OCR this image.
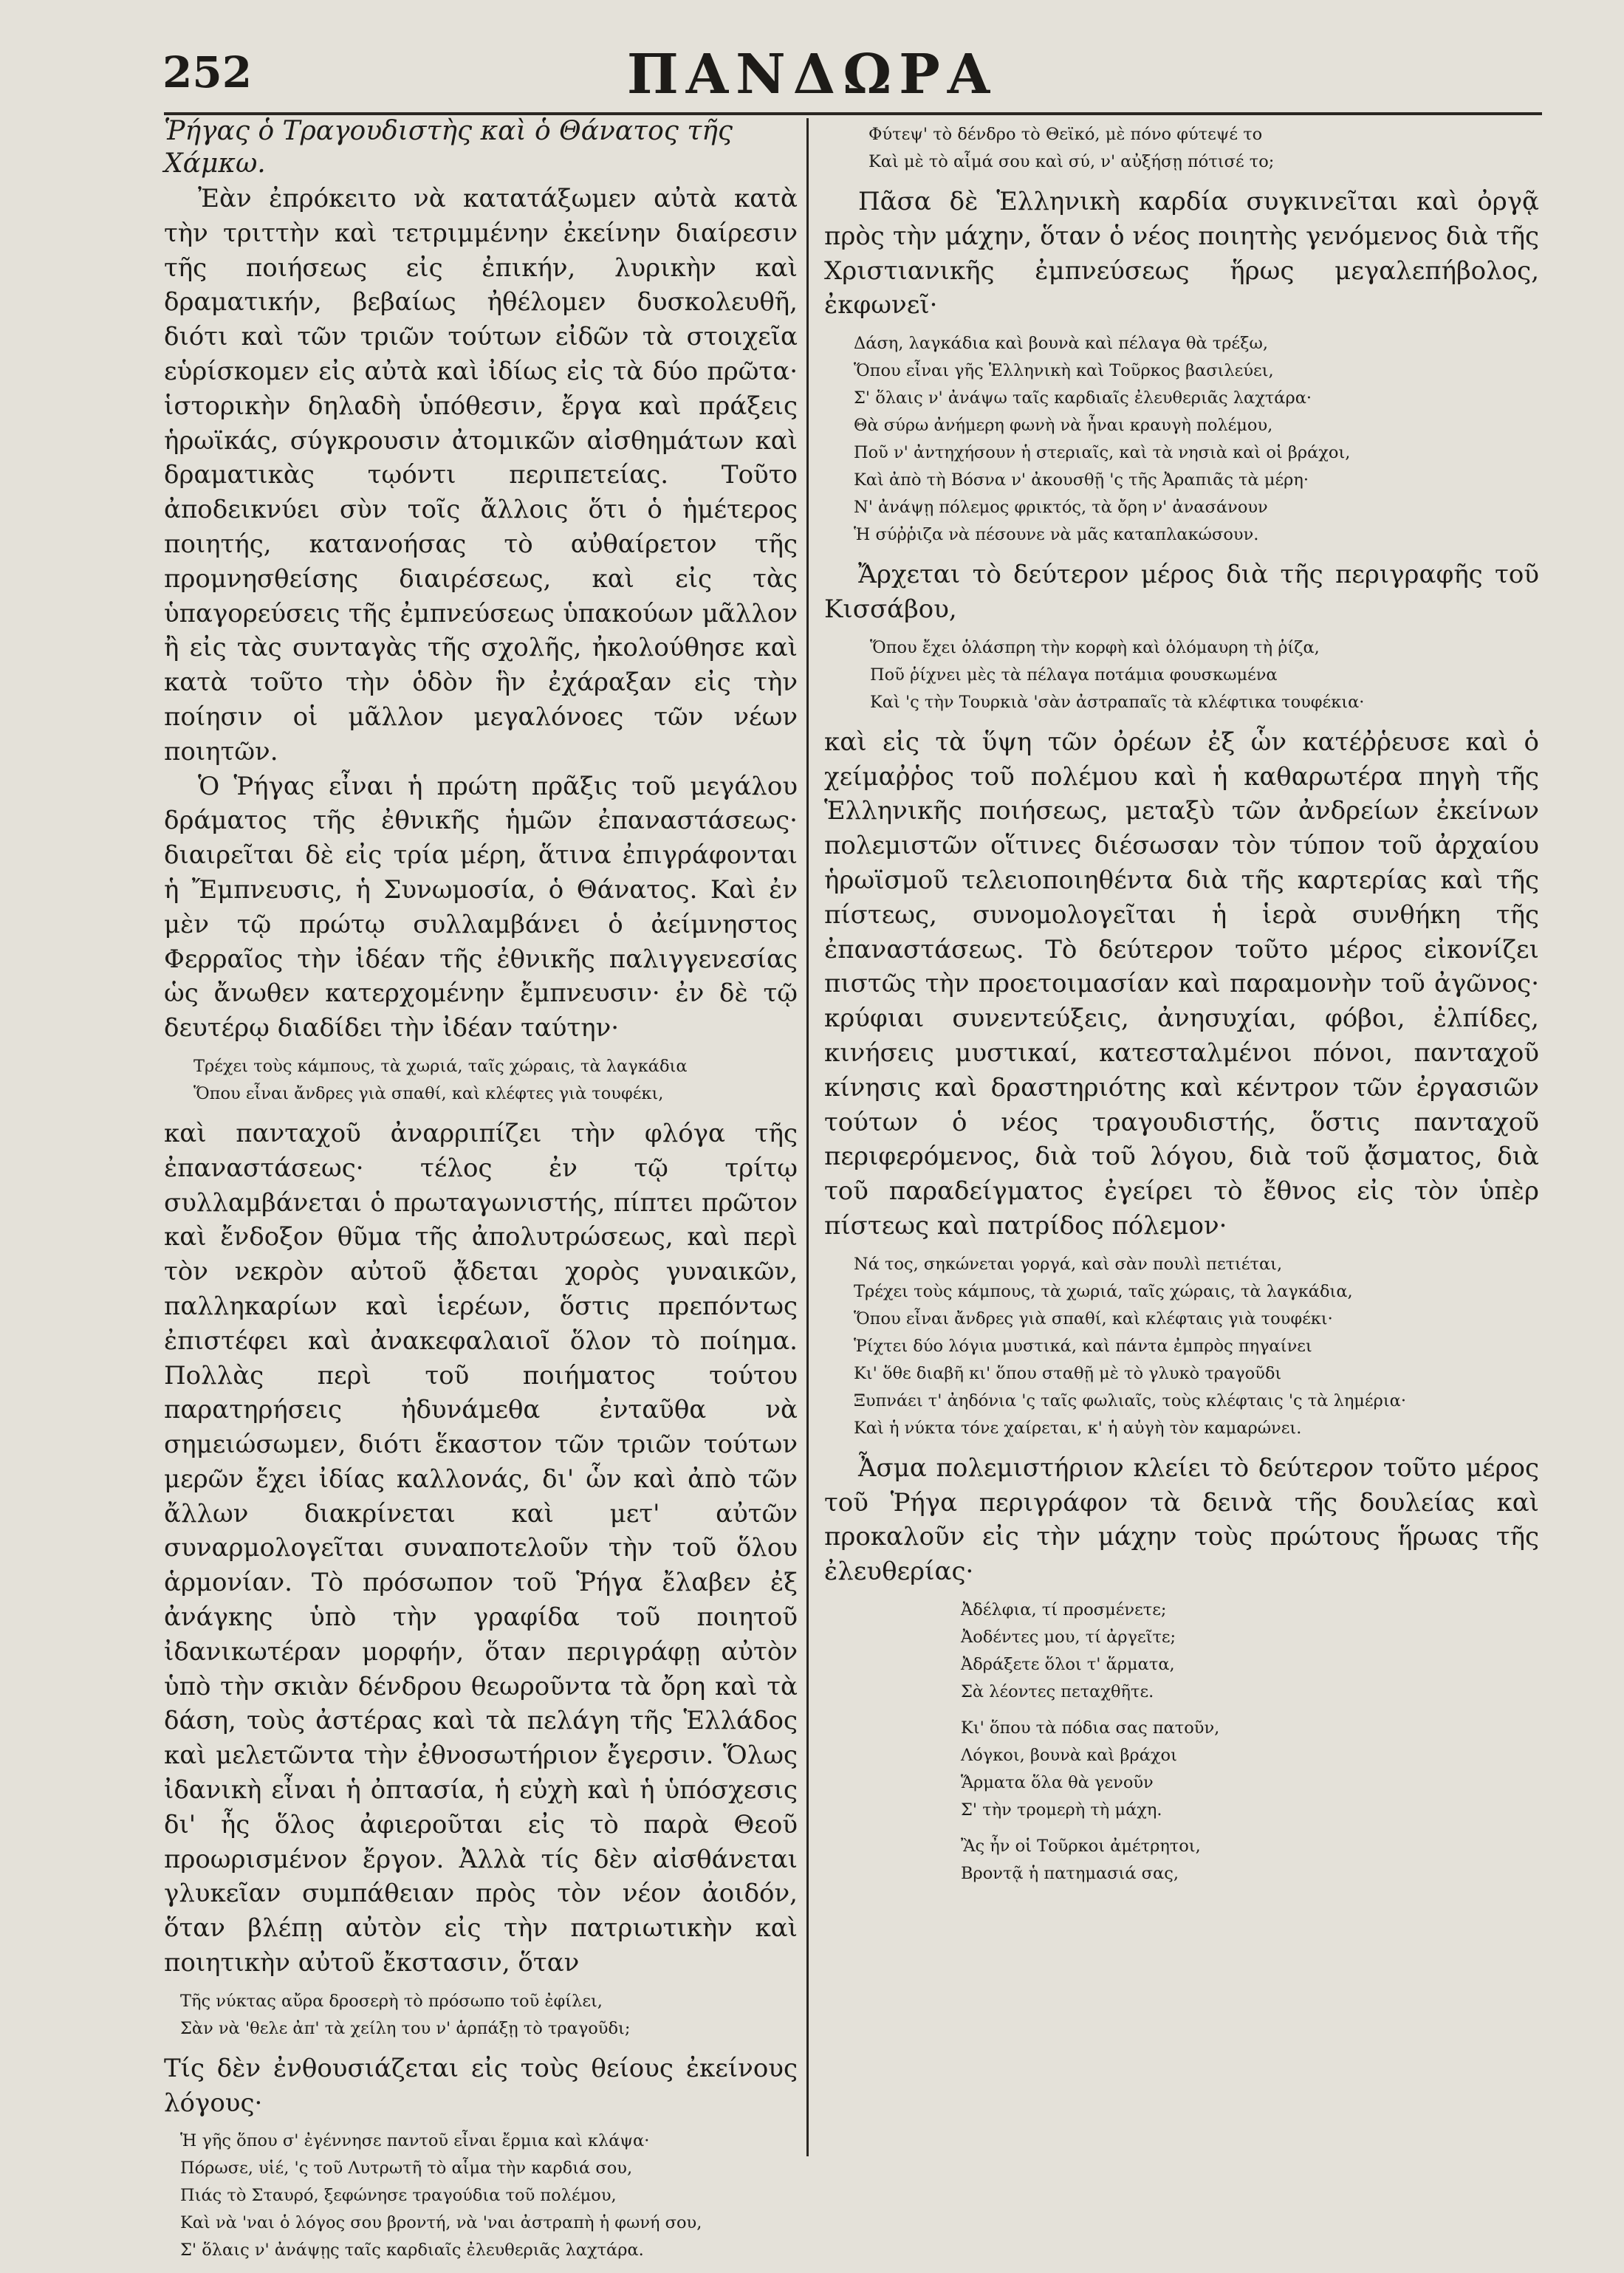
252	ΠΑΝΔΩΡΑ
Ῥήγας ὁ Τραγουδιστὴς καὶ ὁ Θάνατος τῆς Χάμκω.

Ἐὰν ἐπρόκειτο νὰ κατατάξωμεν αὐτὰ κατὰ τὴν τριττὴν καὶ τετριμμένην ἐκείνην διαίρεσιν τῆς ποιήσεως εἰς ἐπικήν, λυρικὴν καὶ δραματικήν, βεβαίως ἠθέλομεν δυσκολευθῆ, διότι καὶ τῶν τριῶν τούτων εἰδῶν τὰ στοιχεῖα εὑρίσκομεν εἰς αὐτὰ καὶ ἰδίως εἰς τὰ δύο πρῶτα· ἱστορικὴν δηλαδὴ ὑπόθεσιν, ἔργα καὶ πράξεις ἡρωϊκάς, σύγκρουσιν ἀτομικῶν αἰσθημάτων καὶ δραματικὰς τῳόντι περιπετείας. Τοῦτο ἀποδεικνύει σὺν τοῖς ἄλλοις ὅτι ὁ ἡμέτερος ποιητής, κατανοήσας τὸ αὐθαίρετον τῆς προμνησθείσης διαιρέσεως, καὶ εἰς τὰς ὑπαγορεύσεις τῆς ἐμπνεύσεως ὑπακούων μᾶλλον ἢ εἰς τὰς συνταγὰς τῆς σχολῆς, ἠκολούθησε καὶ κατὰ τοῦτο τὴν ὁδὸν ἣν ἐχάραξαν εἰς τὴν ποίησιν οἱ μᾶλλον μεγαλόνοες τῶν νέων ποιητῶν.

Ὁ Ῥήγας εἶναι ἡ πρώτη πρᾶξις τοῦ μεγάλου δράματος τῆς ἐθνικῆς ἡμῶν ἐπαναστάσεως· διαιρεῖται δὲ εἰς τρία μέρη, ἅτινα ἐπιγράφονται ἡ Ἔμπνευσις, ἡ Συνωμοσία, ὁ Θάνατος. Καὶ ἐν μὲν τῷ πρώτῳ συλλαμβάνει ὁ ἀείμνηστος Φερραῖος τὴν ἰδέαν τῆς ἐθνικῆς παλιγγενεσίας ὡς ἄνωθεν κατερχομένην ἔμπνευσιν· ἐν δὲ τῷ δευτέρῳ διαδίδει τὴν ἰδέαν ταύτην·

Τρέχει τοὺς κάμπους, τὰ χωριά, ταῖς χώραις, τὰ λαγκάδια
Ὅπου εἶναι ἄνδρες γιὰ σπαθί, καὶ κλέφτες γιὰ τουφέκι,

καὶ πανταχοῦ ἀναρριπίζει τὴν φλόγα τῆς ἐπαναστάσεως· τέλος ἐν τῷ τρίτῳ συλλαμβάνεται ὁ πρωταγωνιστής, πίπτει πρῶτον καὶ ἔνδοξον θῦμα τῆς ἀπολυτρώσεως, καὶ περὶ τὸν νεκρὸν αὐτοῦ ᾄδεται χορὸς γυναικῶν, παλληκαρίων καὶ ἱερέων, ὅστις πρεπόντως ἐπιστέφει καὶ ἀνακεφαλαιοῖ ὅλον τὸ ποίημα. Πολλὰς περὶ τοῦ ποιήματος τούτου παρατηρήσεις ἠδυνάμεθα ἐνταῦθα νὰ σημειώσωμεν, διότι ἕκαστον τῶν τριῶν τούτων μερῶν ἔχει ἰδίας καλλονάς, δι' ὧν καὶ ἀπὸ τῶν ἄλλων διακρίνεται καὶ μετ' αὐτῶν συναρμολογεῖται συναποτελοῦν τὴν τοῦ ὅλου ἁρμονίαν. Τὸ πρόσωπον τοῦ Ῥήγα ἔλαβεν ἐξ ἀνάγκης ὑπὸ τὴν γραφίδα τοῦ ποιητοῦ ἰδανικωτέραν μορφήν, ὅταν περιγράφῃ αὐτὸν ὑπὸ τὴν σκιὰν δένδρου θεωροῦντα τὰ ὄρη καὶ τὰ δάση, τοὺς ἀστέρας καὶ τὰ πελάγη τῆς Ἑλλάδος καὶ μελετῶντα τὴν ἐθνοσωτήριον ἔγερσιν. Ὅλως ἰδανικὴ εἶναι ἡ ὀπτασία, ἡ εὐχὴ καὶ ἡ ὑπόσχεσις δι' ἧς ὅλος ἀφιεροῦται εἰς τὸ παρὰ Θεοῦ προωρισμένον ἔργον. Ἀλλὰ τίς δὲν αἰσθάνεται γλυκεῖαν συμπάθειαν πρὸς τὸν νέον ἀοιδόν, ὅταν βλέπῃ αὐτὸν εἰς τὴν πατριωτικὴν καὶ ποιητικὴν αὐτοῦ ἔκστασιν, ὅταν

Τῆς νύκτας αὔρα δροσερὴ τὸ πρόσωπο τοῦ ἐφίλει,
Σὰν νὰ 'θελε ἀπ' τὰ χείλη του ν' ἁρπάξῃ τὸ τραγοῦδι;

Τίς δὲν ἐνθουσιάζεται εἰς τοὺς θείους ἐκείνους λόγους·

Ἡ γῆς ὅπου σ' ἐγέννησε παντοῦ εἶναι ἔρμια καὶ κλάψα·
Πόρωσε, υἱέ, 'ς τοῦ Λυτρωτῆ τὸ αἷμα τὴν καρδιά σου,
Πιάς τὸ Σταυρό, ξεφώνησε τραγούδια τοῦ πολέμου,
Καὶ νὰ 'ναι ὁ λόγος σου βροντή, νὰ 'ναι ἀστραπὴ ἡ φωνή σου,
Σ' ὅλαις ν' ἀνάψῃς ταῖς καρδιαῖς ἐλευθεριᾶς λαχτάρα.
Φύτεψ' τὸ δένδρο τὸ Θεϊκό, μὲ πόνο φύτεψέ το
Καὶ μὲ τὸ αἷμά σου καὶ σύ, ν' αὐξήσῃ πότισέ το;

Πᾶσα δὲ Ἑλληνικὴ καρδία συγκινεῖται καὶ ὀργᾷ πρὸς τὴν μάχην, ὅταν ὁ νέος ποιητὴς γενόμενος διὰ τῆς Χριστιανικῆς ἐμπνεύσεως ἥρως μεγαλεπήβολος, ἐκφωνεῖ·

Δάση, λαγκάδια καὶ βουνὰ καὶ πέλαγα θὰ τρέξω,
Ὅπου εἶναι γῆς Ἑλληνικὴ καὶ Τοῦρκος βασιλεύει,
Σ' ὅλαις ν' ἀνάψω ταῖς καρδιαῖς ἐλευθεριᾶς λαχτάρα·
Θὰ σύρω ἀνήμερη φωνὴ νὰ ἦναι κραυγὴ πολέμου,
Ποῦ ν' ἀντηχήσουν ἡ στεριαῖς, καὶ τὰ νησιὰ καὶ οἱ βράχοι,
Καὶ ἀπὸ τὴ Βόσνα ν' ἀκουσθῇ 'ς τῆς Ἀραπιᾶς τὰ μέρη·
Ν' ἀνάψῃ πόλεμος φρικτός, τὰ ὄρη ν' ἀνασάνουν
Ἡ σύῤῥιζα νὰ πέσουνε νὰ μᾶς καταπλακώσουν.

Ἄρχεται τὸ δεύτερον μέρος διὰ τῆς περιγραφῆς τοῦ Κισσάβου,

Ὅπου ἔχει ὁλάσπρη τὴν κορφὴ καὶ ὁλόμαυρη τὴ ῥίζα,
Ποῦ ῥίχνει μὲς τὰ πέλαγα ποτάμια φουσκωμένα
Καὶ 'ς τὴν Τουρκιὰ 'σὰν ἀστραπαῖς τὰ κλέφτικα τουφέκια·

καὶ εἰς τὰ ὕψη τῶν ὀρέων ἐξ ὧν κατέῤῥευσε καὶ ὁ χείμαῤῥος τοῦ πολέμου καὶ ἡ καθαρωτέρα πηγὴ τῆς Ἑλληνικῆς ποιήσεως, μεταξὺ τῶν ἀνδρείων ἐκείνων πολεμιστῶν οἵτινες διέσωσαν τὸν τύπον τοῦ ἀρχαίου ἡρωϊσμοῦ τελειοποιηθέντα διὰ τῆς καρτερίας καὶ τῆς πίστεως, συνομολογεῖται ἡ ἱερὰ συνθήκη τῆς ἐπαναστάσεως. Τὸ δεύτερον τοῦτο μέρος εἰκονίζει πιστῶς τὴν προετοιμασίαν καὶ παραμονὴν τοῦ ἀγῶνος· κρύφιαι συνεντεύξεις, ἀνησυχίαι, φόβοι, ἐλπίδες, κινήσεις μυστικαί, κατεσταλμένοι πόνοι, πανταχοῦ κίνησις καὶ δραστηριότης καὶ κέντρον τῶν ἐργασιῶν τούτων ὁ νέος τραγουδιστής, ὅστις πανταχοῦ περιφερόμενος, διὰ τοῦ λόγου, διὰ τοῦ ᾄσματος, διὰ τοῦ παραδείγματος ἐγείρει τὸ ἔθνος εἰς τὸν ὑπὲρ πίστεως καὶ πατρίδος πόλεμον·

Νά τος, σηκώνεται γοργά, καὶ σὰν πουλὶ πετιέται,
Τρέχει τοὺς κάμπους, τὰ χωριά, ταῖς χώραις, τὰ λαγκάδια,
Ὅπου εἶναι ἄνδρες γιὰ σπαθί, καὶ κλέφταις γιὰ τουφέκι·
Ῥίχτει δύο λόγια μυστικά, καὶ πάντα ἐμπρὸς πηγαίνει
Κι' ὅθε διαβῆ κι' ὅπου σταθῇ μὲ τὸ γλυκὸ τραγοῦδι
Ξυπνάει τ' ἀηδόνια 'ς ταῖς φωλιαῖς, τοὺς κλέφταις 'ς τὰ λημέρια·
Καὶ ἡ νύκτα τόνε χαίρεται, κ' ἡ αὐγὴ τὸν καμαρώνει.

Ἆσμα πολεμιστήριον κλείει τὸ δεύτερον τοῦτο μέρος τοῦ Ῥήγα περιγράφον τὰ δεινὰ τῆς δουλείας καὶ προκαλοῦν εἰς τὴν μάχην τοὺς πρώτους ἥρωας τῆς ἐλευθερίας·

Ἀδέλφια, τί προσμένετε;
Ἀοδέντες μου, τί ἀργεῖτε;
Ἀδράξετε ὅλοι τ' ἅρματα,
Σὰ λέοντες πεταχθῆτε.
Κι' ὅπου τὰ πόδια σας πατοῦν,
Λόγκοι, βουνὰ καὶ βράχοι
Ἅρματα ὅλα θὰ γενοῦν
Σ' τὴν τρομερὴ τὴ μάχη.
Ἂς ἦν οἱ Τοῦρκοι ἀμέτρητοι,
Βροντᾷ ἡ πατημασιά σας,
